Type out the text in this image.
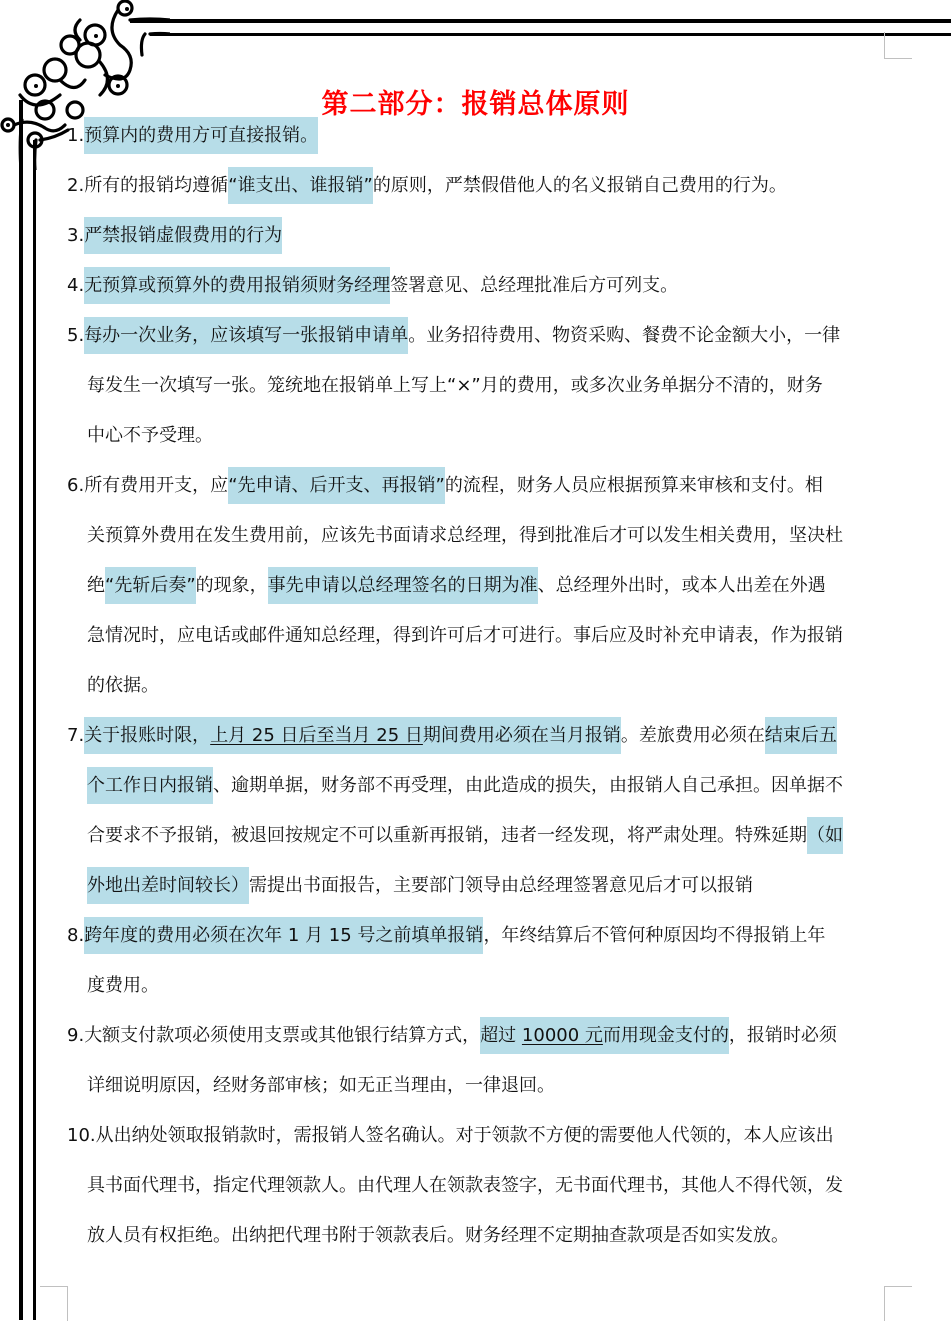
第二部分：报销总体原则
1.预算内的费用方可直接报销。
2.所有的报销均遵循“谁支出、谁报销”的原则，严禁假借他人的名义报销自己费用的行为。
3.严禁报销虚假费用的行为
4.无预算或预算外的费用报销须财务经理签署意见、总经理批准后方可列支。
5.每办一次业务，应该填写一张报销申请单。业务招待费用、物资采购、餐费不论金额大小，一律
每发生一次填写一张。笼统地在报销单上写上“×”月的费用，或多次业务单据分不清的，财务
中心不予受理。
6.所有费用开支，应“先申请、后开支、再报销”的流程，财务人员应根据预算来审核和支付。相
关预算外费用在发生费用前，应该先书面请求总经理，得到批准后才可以发生相关费用，坚决杜
绝“先斩后奏”的现象，事先申请以总经理签名的日期为准、总经理外出时，或本人出差在外遇
急情况时，应电话或邮件通知总经理，得到许可后才可进行。事后应及时补充申请表，作为报销
的依据。
7.关于报账时限，上月 25 日后至当月 25 日期间费用必须在当月报销。差旅费用必须在结束后五
个工作日内报销、逾期单据，财务部不再受理，由此造成的损失，由报销人自己承担。因单据不
合要求不予报销，被退回按规定不可以重新再报销，违者一经发现，将严肃处理。特殊延期（如
外地出差时间较长）需提出书面报告，主要部门领导由总经理签署意见后才可以报销
8.跨年度的费用必须在次年 1 月 15 号之前填单报销，年终结算后不管何种原因均不得报销上年
度费用。
9.大额支付款项必须使用支票或其他银行结算方式，超过 10000 元而用现金支付的，报销时必须
详细说明原因，经财务部审核；如无正当理由，一律退回。
10.从出纳处领取报销款时，需报销人签名确认。对于领款不方便的需要他人代领的，本人应该出
具书面代理书，指定代理领款人。由代理人在领款表签字，无书面代理书，其他人不得代领，发
放人员有权拒绝。出纳把代理书附于领款表后。财务经理不定期抽查款项是否如实发放。
